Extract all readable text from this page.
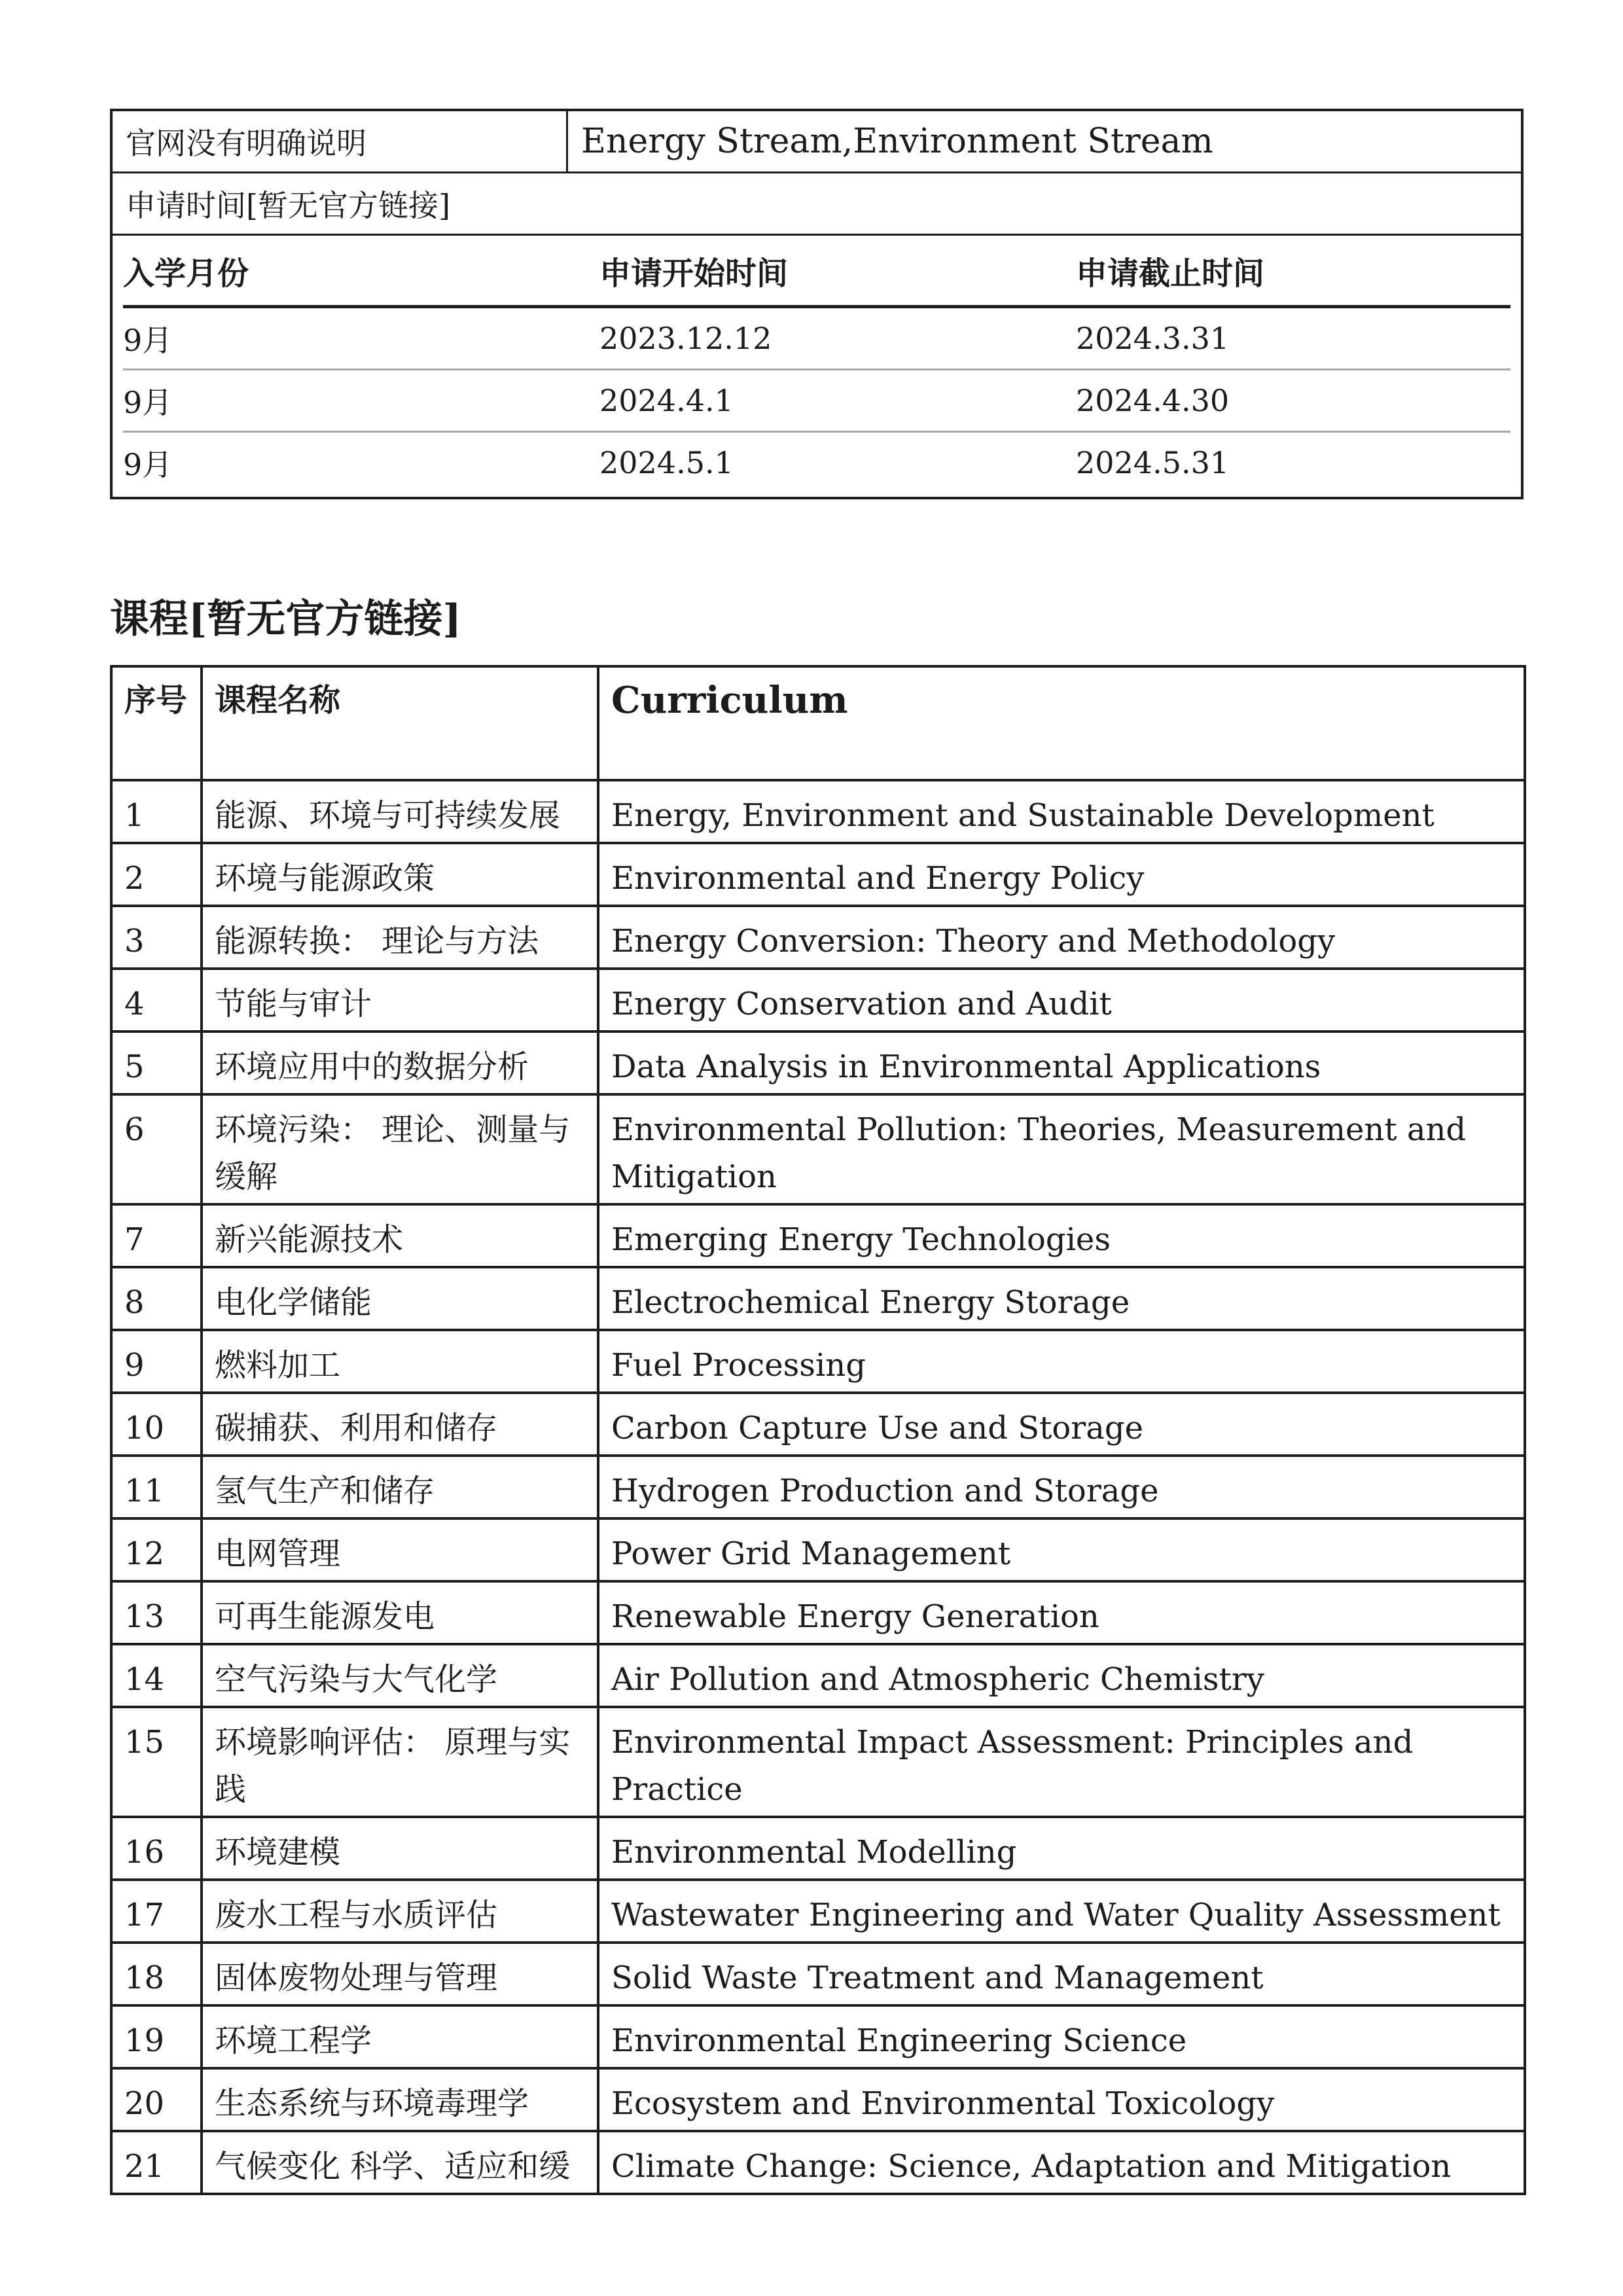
官网没有明确说明	Energy Stream,Environment Stream
申请时间[暂无官方链接]
入学月份	申请开始时间	申请截止时间
9月	2023.12.12	2024.3.31
9月	2024.4.1	2024.4.30
9月	2024.5.1	2024.5.31
课程[暂无官方链接]
序号	课程名称	Curriculum
1	能源、环境与可持续发展	Energy, Environment and Sustainable Development
2	环境与能源政策	Environmental and Energy Policy
3	能源转换： 理论与方法	Energy Conversion: Theory and Methodology
4	节能与审计	Energy Conservation and Audit
5	环境应用中的数据分析	Data Analysis in Environmental Applications
6	环境污染： 理论、测量与缓解	Environmental Pollution: Theories, Measurement and Mitigation
7	新兴能源技术	Emerging Energy Technologies
8	电化学储能	Electrochemical Energy Storage
9	燃料加工	Fuel Processing
10	碳捕获、利用和储存	Carbon Capture Use and Storage
11	氢气生产和储存	Hydrogen Production and Storage
12	电网管理	Power Grid Management
13	可再生能源发电	Renewable Energy Generation
14	空气污染与大气化学	Air Pollution and Atmospheric Chemistry
15	环境影响评估： 原理与实践	Environmental Impact Assessment: Principles and Practice
16	环境建模	Environmental Modelling
17	废水工程与水质评估	Wastewater Engineering and Water Quality Assessment
18	固体废物处理与管理	Solid Waste Treatment and Management
19	环境工程学	Environmental Engineering Science
20	生态系统与环境毒理学	Ecosystem and Environmental Toxicology
21	气候变化 科学、适应和缓	Climate Change: Science, Adaptation and Mitigation
